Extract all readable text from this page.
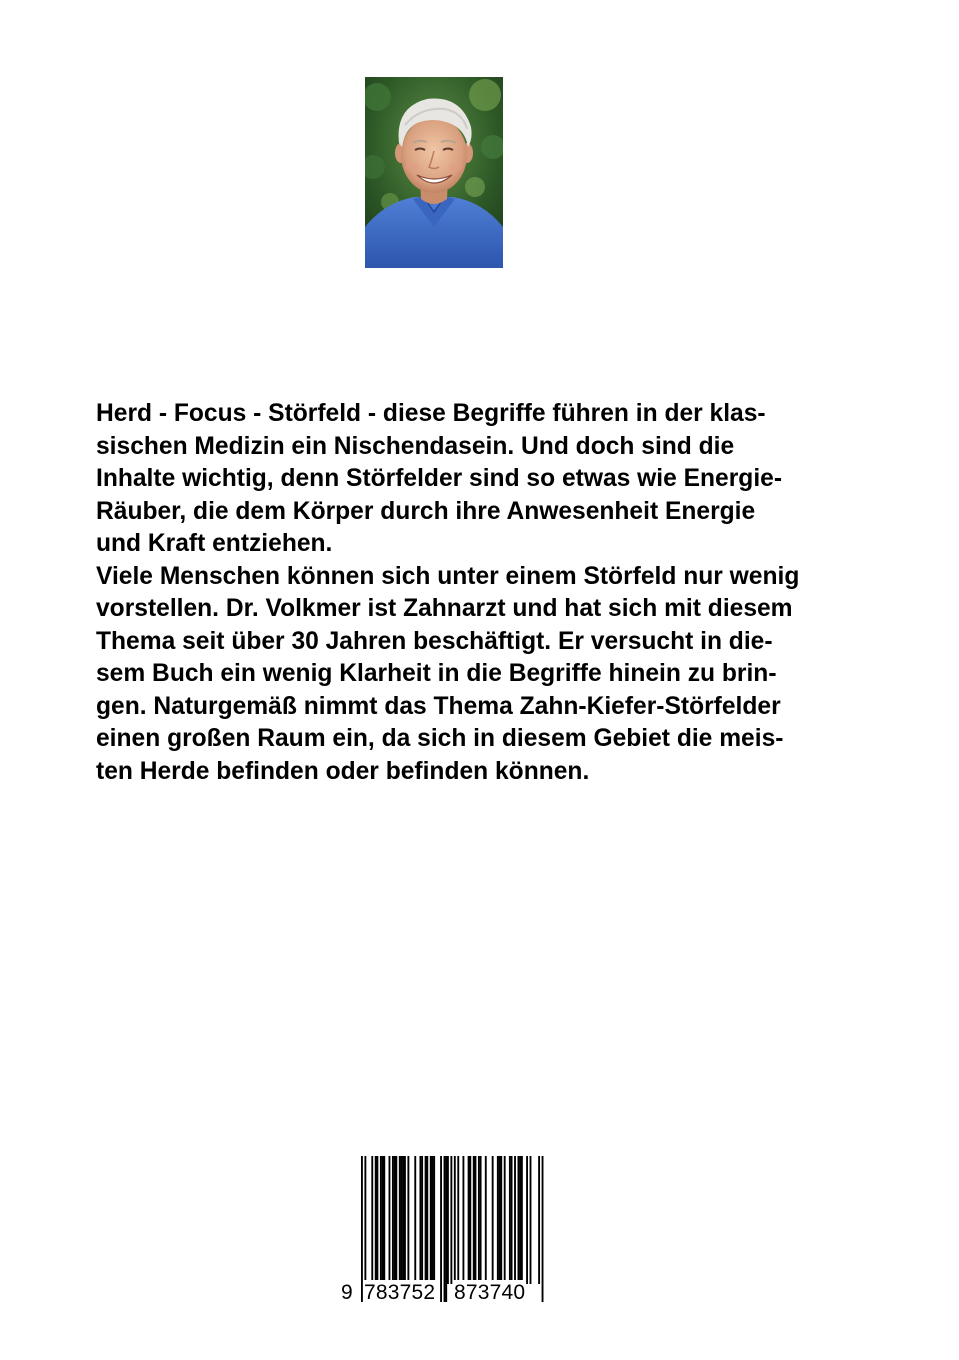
Herd - Focus - Störfeld - diese Begriffe führen in der klas-
sischen Medizin ein Nischendasein. Und doch sind die
Inhalte wichtig, denn Störfelder sind so etwas wie Energie-
Räuber, die dem Körper durch ihre Anwesenheit Energie
und Kraft entziehen.

Viele Menschen können sich unter einem Störfeld nur wenig
vorstellen. Dr. Volkmer ist Zahnarzt und hat sich mit diesem
Thema seit über 30 Jahren beschäftigt. Er versucht in die-
sem Buch ein wenig Klarheit in die Begriffe hinein zu brin-
gen. Naturgemäß nimmt das Thema Zahn-Kiefer-Störfelder
einen großen Raum ein, da sich in diesem Gebiet die meis-
ten Herde befinden oder befinden können.

9 783752 873740
